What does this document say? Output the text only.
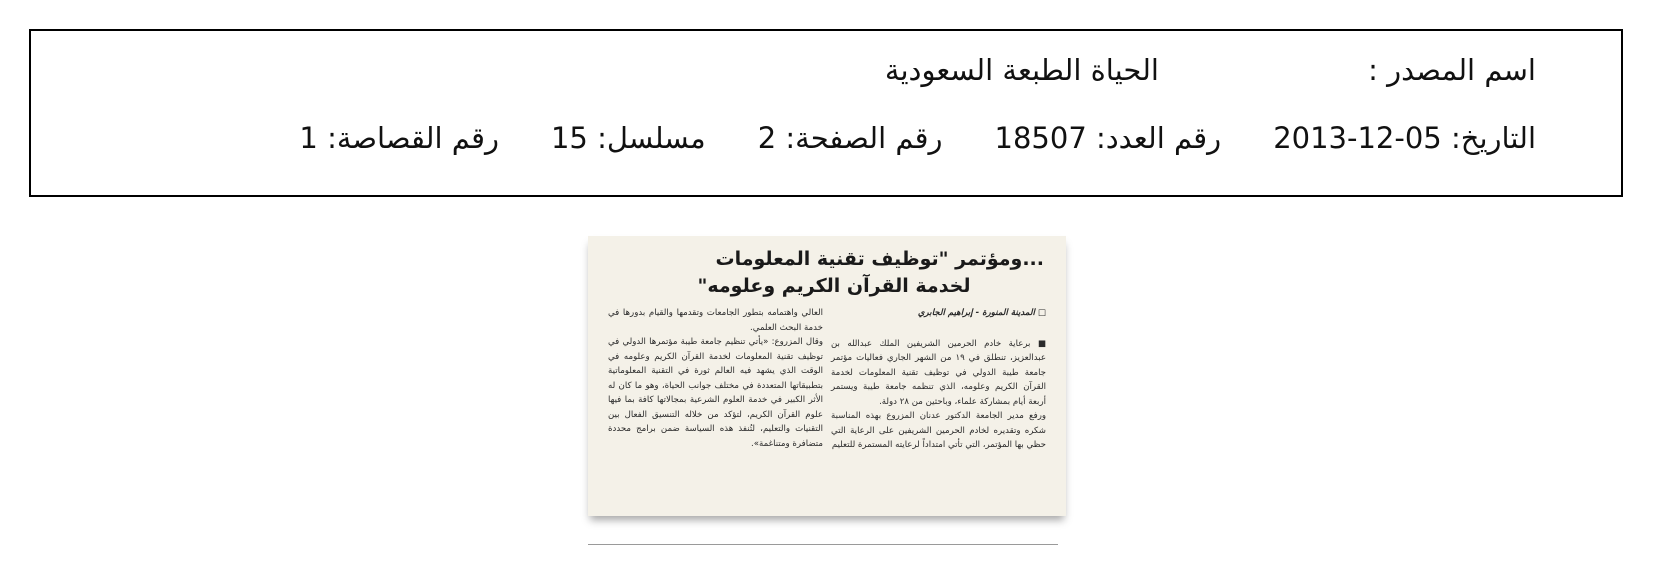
اسم المصدر :
الحياة الطبعة السعودية
التاريخ: 2013-12-05
رقم العدد: 18507
رقم الصفحة: 2
مسلسل: 15
رقم القصاصة: 1
...ومؤتمر "توظيف تقنية المعلومات
لخدمة القرآن الكريم وعلومه"

□ المدينة المنورة - إبراهيم الجابري

■ برعاية خادم الحرمين الشريفين الملك عبدالله بن عبدالعزيز، تنطلق في ١٩ من الشهر الجاري فعاليات مؤتمر جامعة طيبة الدولي في توظيف تقنية المعلومات لخدمة القرآن الكريم وعلومه، الذي تنظمه جامعة طيبة ويستمر أربعة أيام بمشاركة علماء، وباحثين من ٢٨ دولة.

ورفع مدير الجامعة الدكتور عدنان المزروع بهذه المناسبة شكره وتقديره لخادم الحرمين الشريفين على الرعاية التي حظي بها المؤتمر، التي تأتي امتداداً لرعايته المستمرة للتعليم

العالي واهتمامه بتطور الجامعات وتقدمها والقيام بدورها في خدمة البحث العلمي.

وقال المزروع: «يأتي تنظيم جامعة طيبة مؤتمرها الدولي في توظيف تقنية المعلومات لخدمة القرآن الكريم وعلومه في الوقت الذي يشهد فيه العالم ثورة في التقنية المعلوماتية بتطبيقاتها المتعددة في مختلف جوانب الحياة، وهو ما كان له الأثر الكبير في خدمة العلوم الشرعية بمجالاتها كافة بما فيها علوم القرآن الكريم، لتؤكد من خلاله التنسيق الفعال بين التقنيات والتعليم، لتُنفذ هذه السياسة ضمن برامج محددة متضافرة ومتناغمة».
